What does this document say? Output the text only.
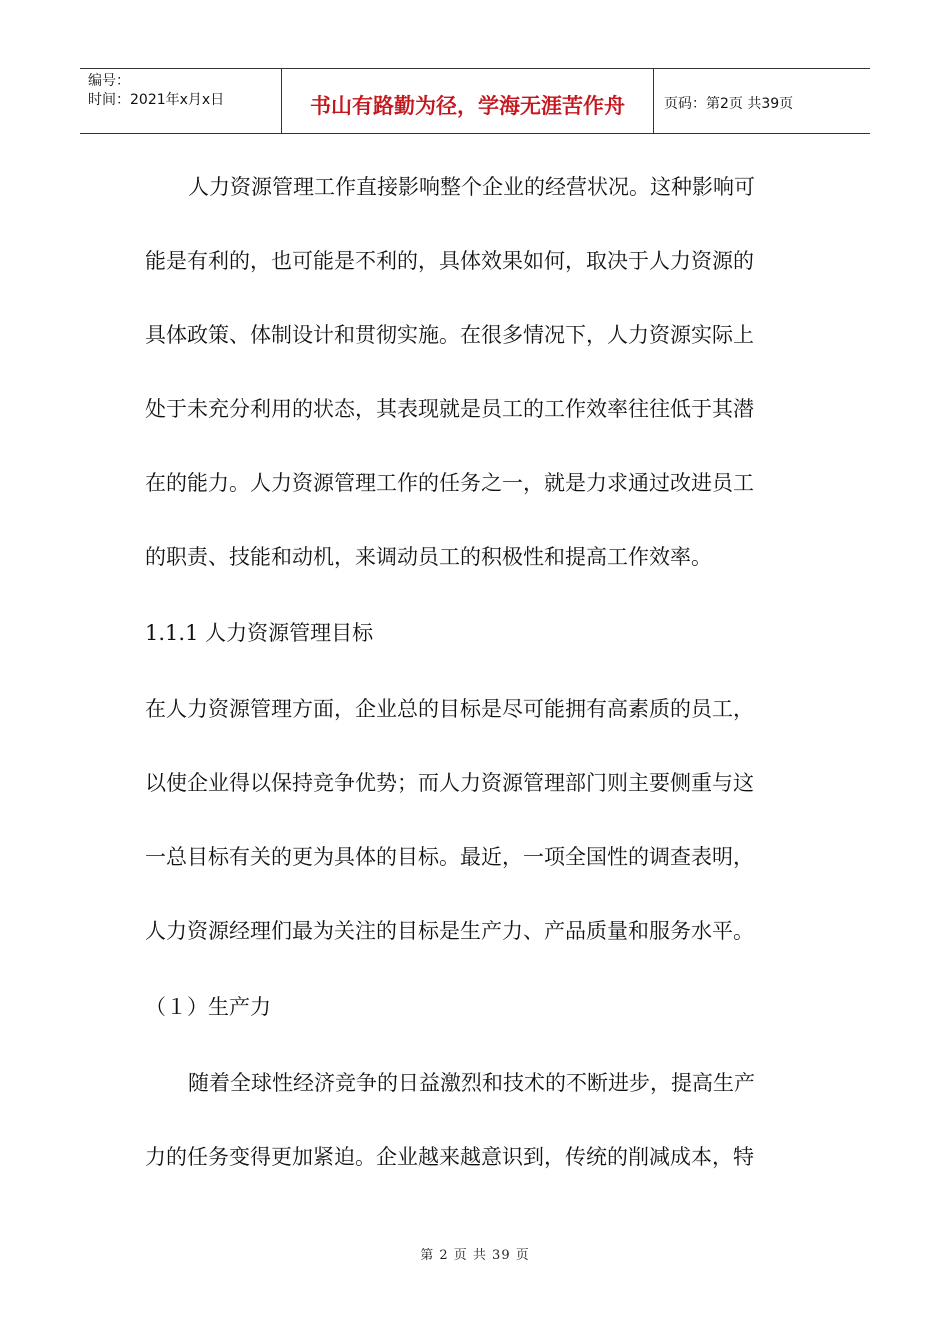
编号：
时间：2021年x月x日	书山有路勤为径，学海无涯苦作舟	页码：第2页 共39页
人力资源管理工作直接影响整个企业的经营状况。这种影响可
能是有利的，也可能是不利的，具体效果如何，取决于人力资源的
具体政策、体制设计和贯彻实施。在很多情况下，人力资源实际上
处于未充分利用的状态，其表现就是员工的工作效率往往低于其潜
在的能力。人力资源管理工作的任务之一，就是力求通过改进员工
的职责、技能和动机，来调动员工的积极性和提高工作效率。
1.1.1 人力资源管理目标
在人力资源管理方面，企业总的目标是尽可能拥有高素质的员工，
以使企业得以保持竞争优势；而人力资源管理部门则主要侧重与这
一总目标有关的更为具体的目标。最近，一项全国性的调查表明，
人力资源经理们最为关注的目标是生产力、产品质量和服务水平。
（１）生产力
随着全球性经济竞争的日益激烈和技术的不断进步，提高生产
力的任务变得更加紧迫。企业越来越意识到，传统的削减成本，特
第 2 页 共 39 页
